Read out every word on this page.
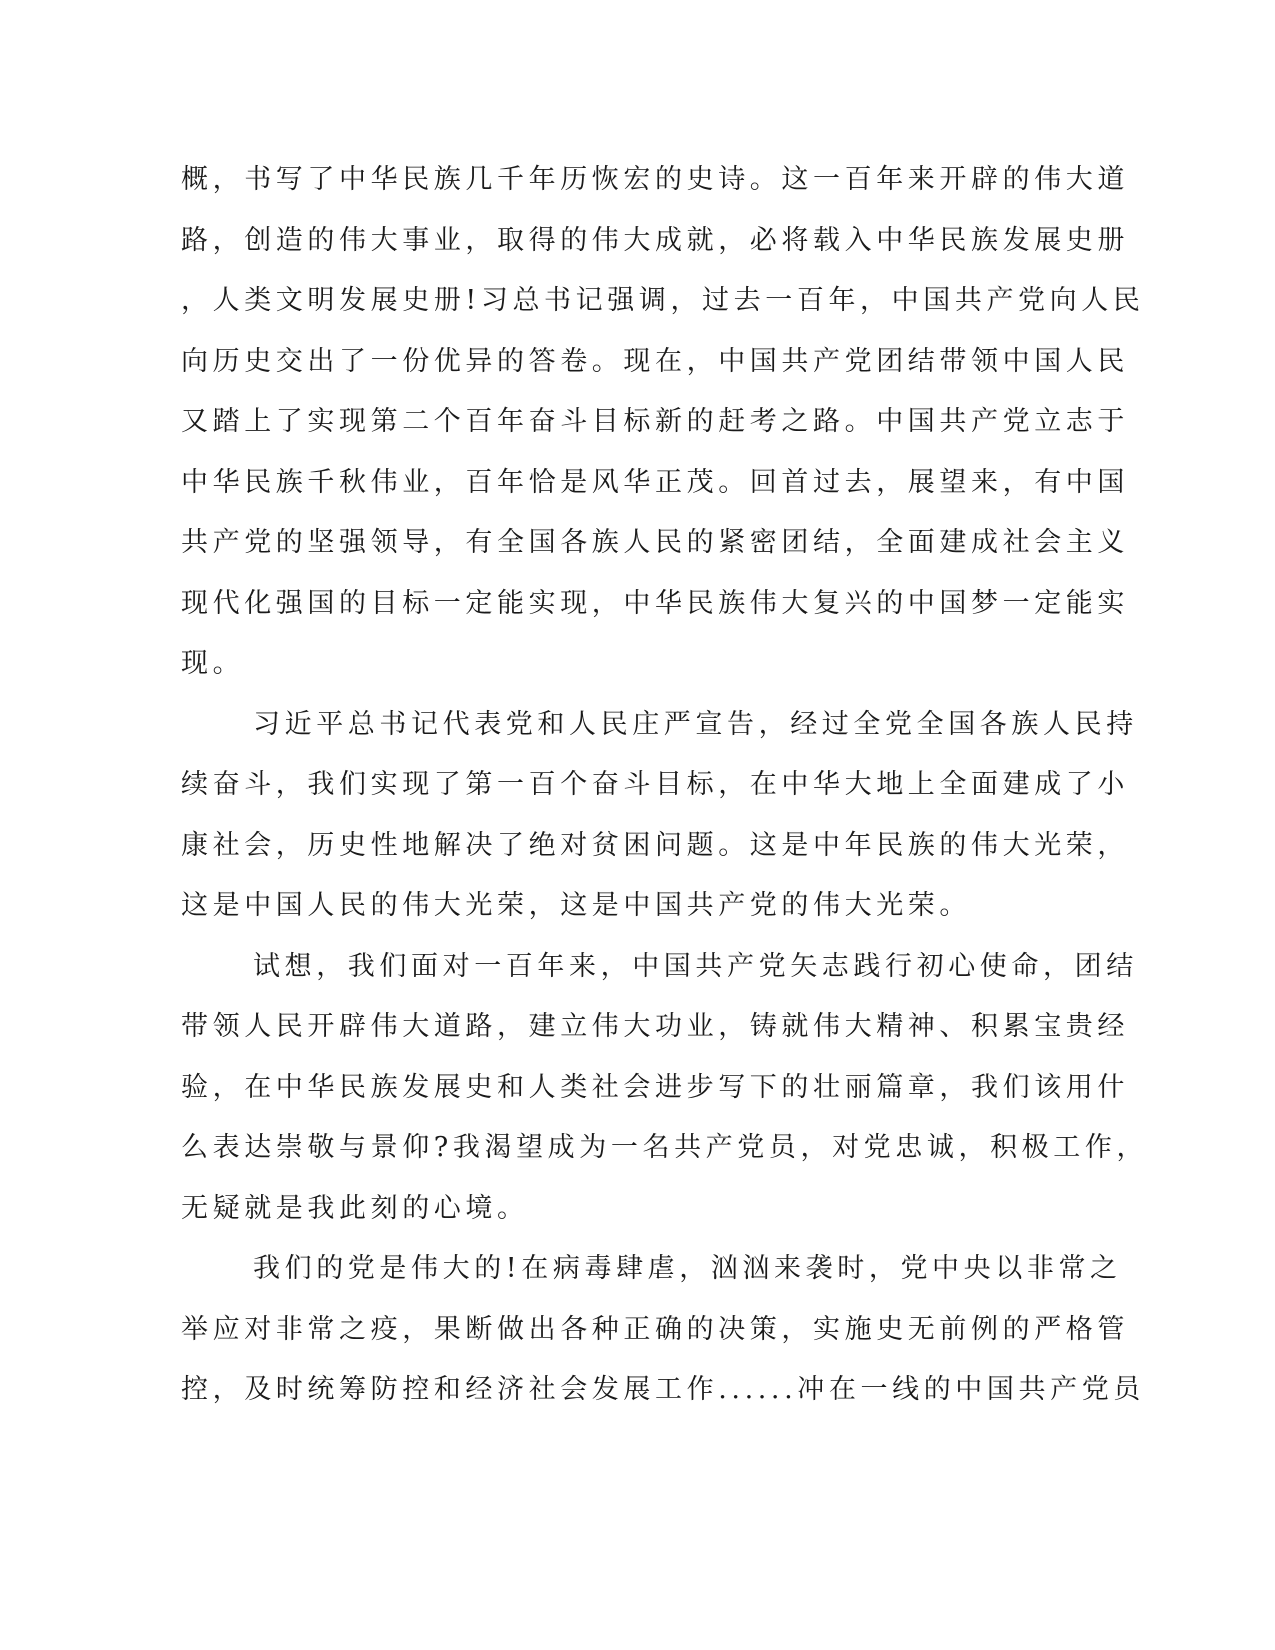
概，书写了中华民族几千年历恢宏的史诗。这一百年来开辟的伟大道
路，创造的伟大事业，取得的伟大成就，必将载入中华民族发展史册
，人类文明发展史册!习总书记强调，过去一百年，中国共产党向人民
向历史交出了一份优异的答卷。现在，中国共产党团结带领中国人民
又踏上了实现第二个百年奋斗目标新的赶考之路。中国共产党立志于
中华民族千秋伟业，百年恰是风华正茂。回首过去，展望来，有中国
共产党的坚强领导，有全国各族人民的紧密团结，全面建成社会主义
现代化强国的目标一定能实现，中华民族伟大复兴的中国梦一定能实
现。
习近平总书记代表党和人民庄严宣告，经过全党全国各族人民持
续奋斗，我们实现了第一百个奋斗目标，在中华大地上全面建成了小
康社会，历史性地解决了绝对贫困问题。这是中年民族的伟大光荣，
这是中国人民的伟大光荣，这是中国共产党的伟大光荣。
试想，我们面对一百年来，中国共产党矢志践行初心使命，团结
带领人民开辟伟大道路，建立伟大功业，铸就伟大精神、积累宝贵经
验，在中华民族发展史和人类社会进步写下的壮丽篇章，我们该用什
么表达崇敬与景仰?我渴望成为一名共产党员，对党忠诚，积极工作，
无疑就是我此刻的心境。
我们的党是伟大的!在病毒肆虐，汹汹来袭时，党中央以非常之
举应对非常之疫，果断做出各种正确的决策，实施史无前例的严格管
控，及时统筹防控和经济社会发展工作......冲在一线的中国共产党员
